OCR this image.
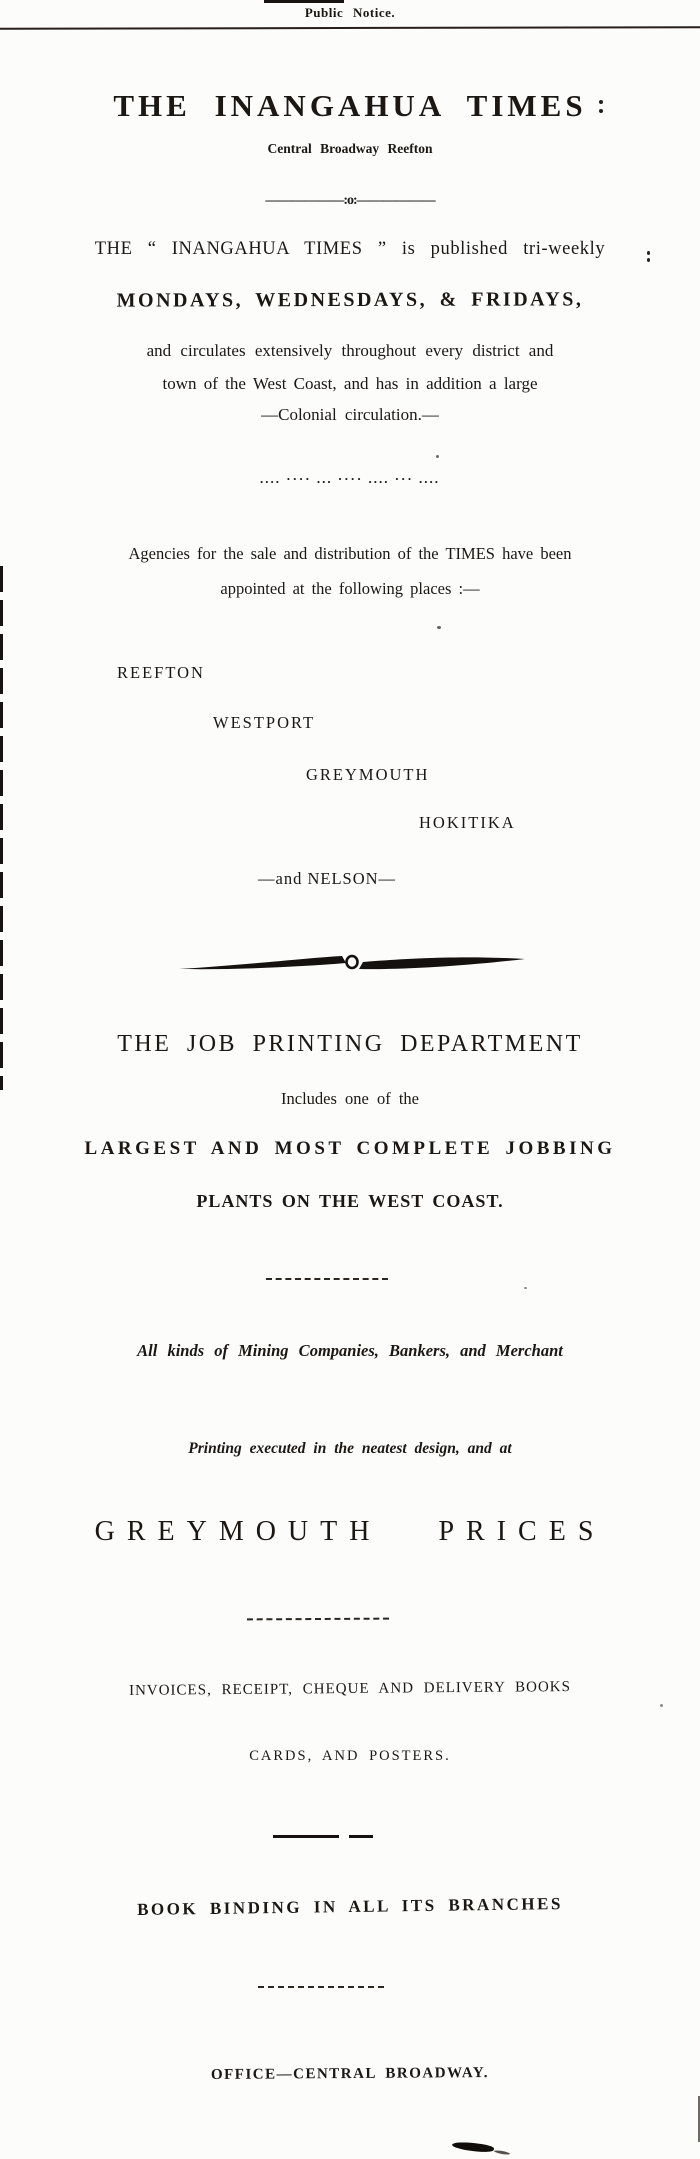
Public Notice.
THE INANGAHUA TIMES
Central Broadway Reefton
——————:o:——————
THE “ INANGAHUA TIMES ” is published tri-weekly
MONDAYS, WEDNESDAYS, & FRIDAYS,
and circulates extensively throughout every district and
town of the West Coast, and has in addition a large
—Colonial circulation.—
.... ···· ... ···· .... ··· ....
Agencies for the sale and distribution of the TIMES have been
appointed at the following places :—
REEFTON
WESTPORT
GREYMOUTH
HOKITIKA
—and NELSON—
THE JOB PRINTING DEPARTMENT
Includes one of the
LARGEST AND MOST COMPLETE JOBBING
PLANTS ON THE WEST COAST.
All kinds of Mining Companies, Bankers, and Merchant
Printing executed in the neatest design, and at
GREYMOUTH PRICES
INVOICES, RECEIPT, CHEQUE AND DELIVERY BOOKS
CARDS, AND POSTERS.
BOOK BINDING IN ALL ITS BRANCHES
OFFICE—CENTRAL BROADWAY.
